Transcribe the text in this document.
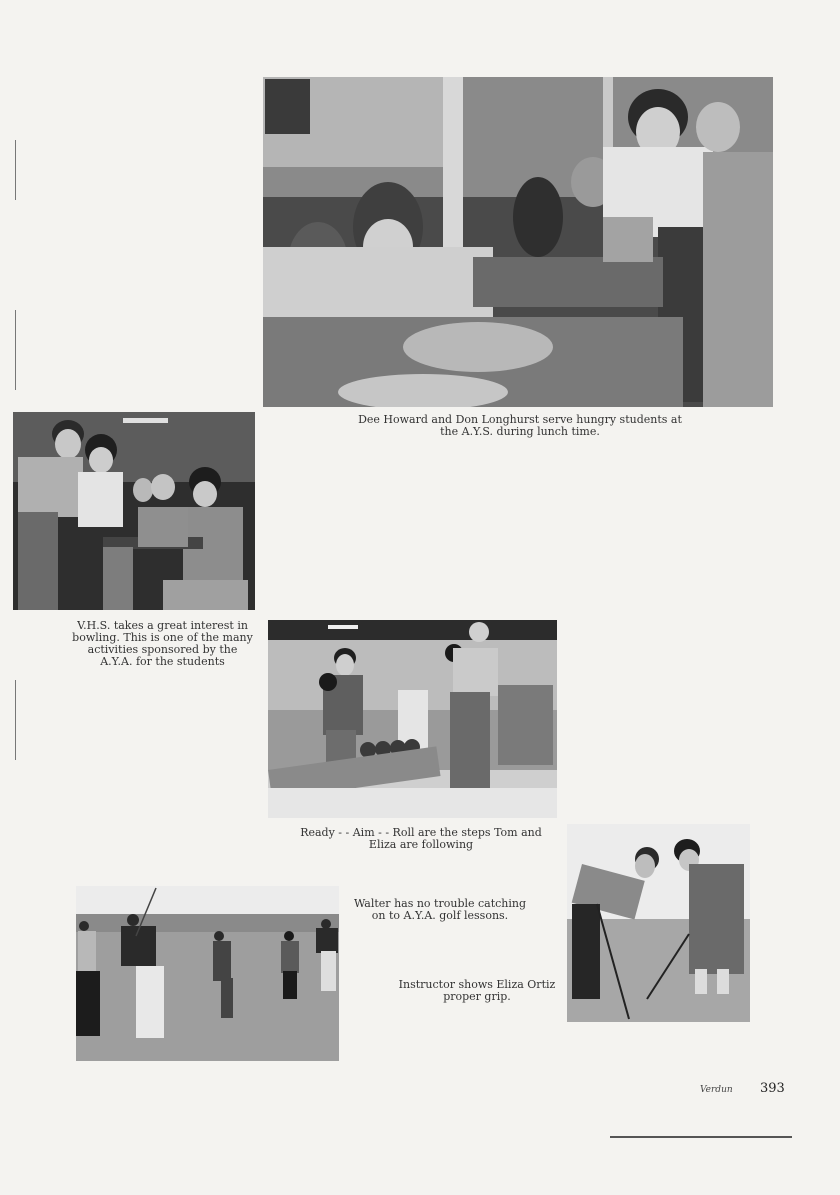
Dee Howard and Don Longhurst serve hungry students at the A.Y.S. during lunch time.
V.H.S. takes a great interest in bowling. This is one of the many activities sponsored by the A.Y.A. for the students
Ready - - Aim - - Roll are the steps Tom and Eliza are following
Walter has no trouble catching on to A.Y.A. golf lessons.
Instructor shows Eliza Ortiz proper grip.
Verdun 393
